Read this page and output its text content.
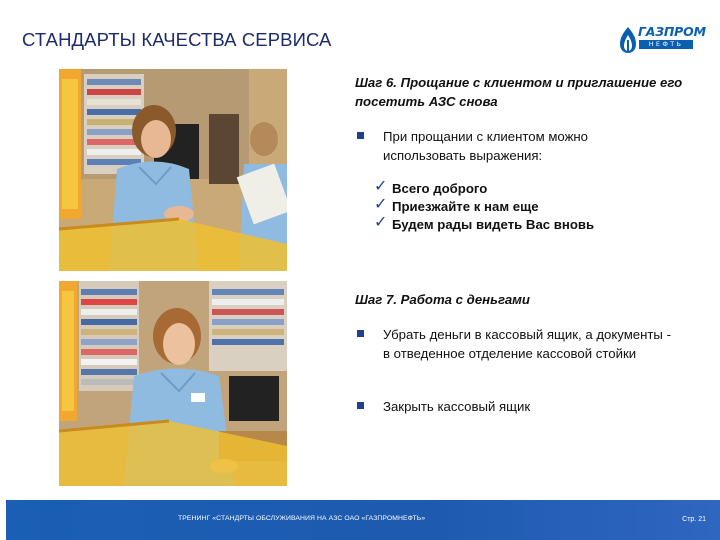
СТАНДАРТЫ КАЧЕСТВА СЕРВИСА	ГАЗПРОМ
НЕФТЬ
Шаг 6. Прощание с клиентом и приглашение его посетить АЗС снова
При прощании с клиентом можно использовать выражения:
✓ Всего доброго
✓ Приезжайте к нам еще
✓ Будем рады видеть Вас вновь
Шаг 7. Работа с деньгами
Убрать деньги в кассовый ящик, а документы - в отведенное отделение кассовой стойки
Закрыть кассовый ящик
ТРЕНИНГ «СТАНДРТЫ ОБСЛУЖИВАНИЯ НА АЗС ОАО «ГАЗПРОМНЕФТЬ»	Стр. 21
